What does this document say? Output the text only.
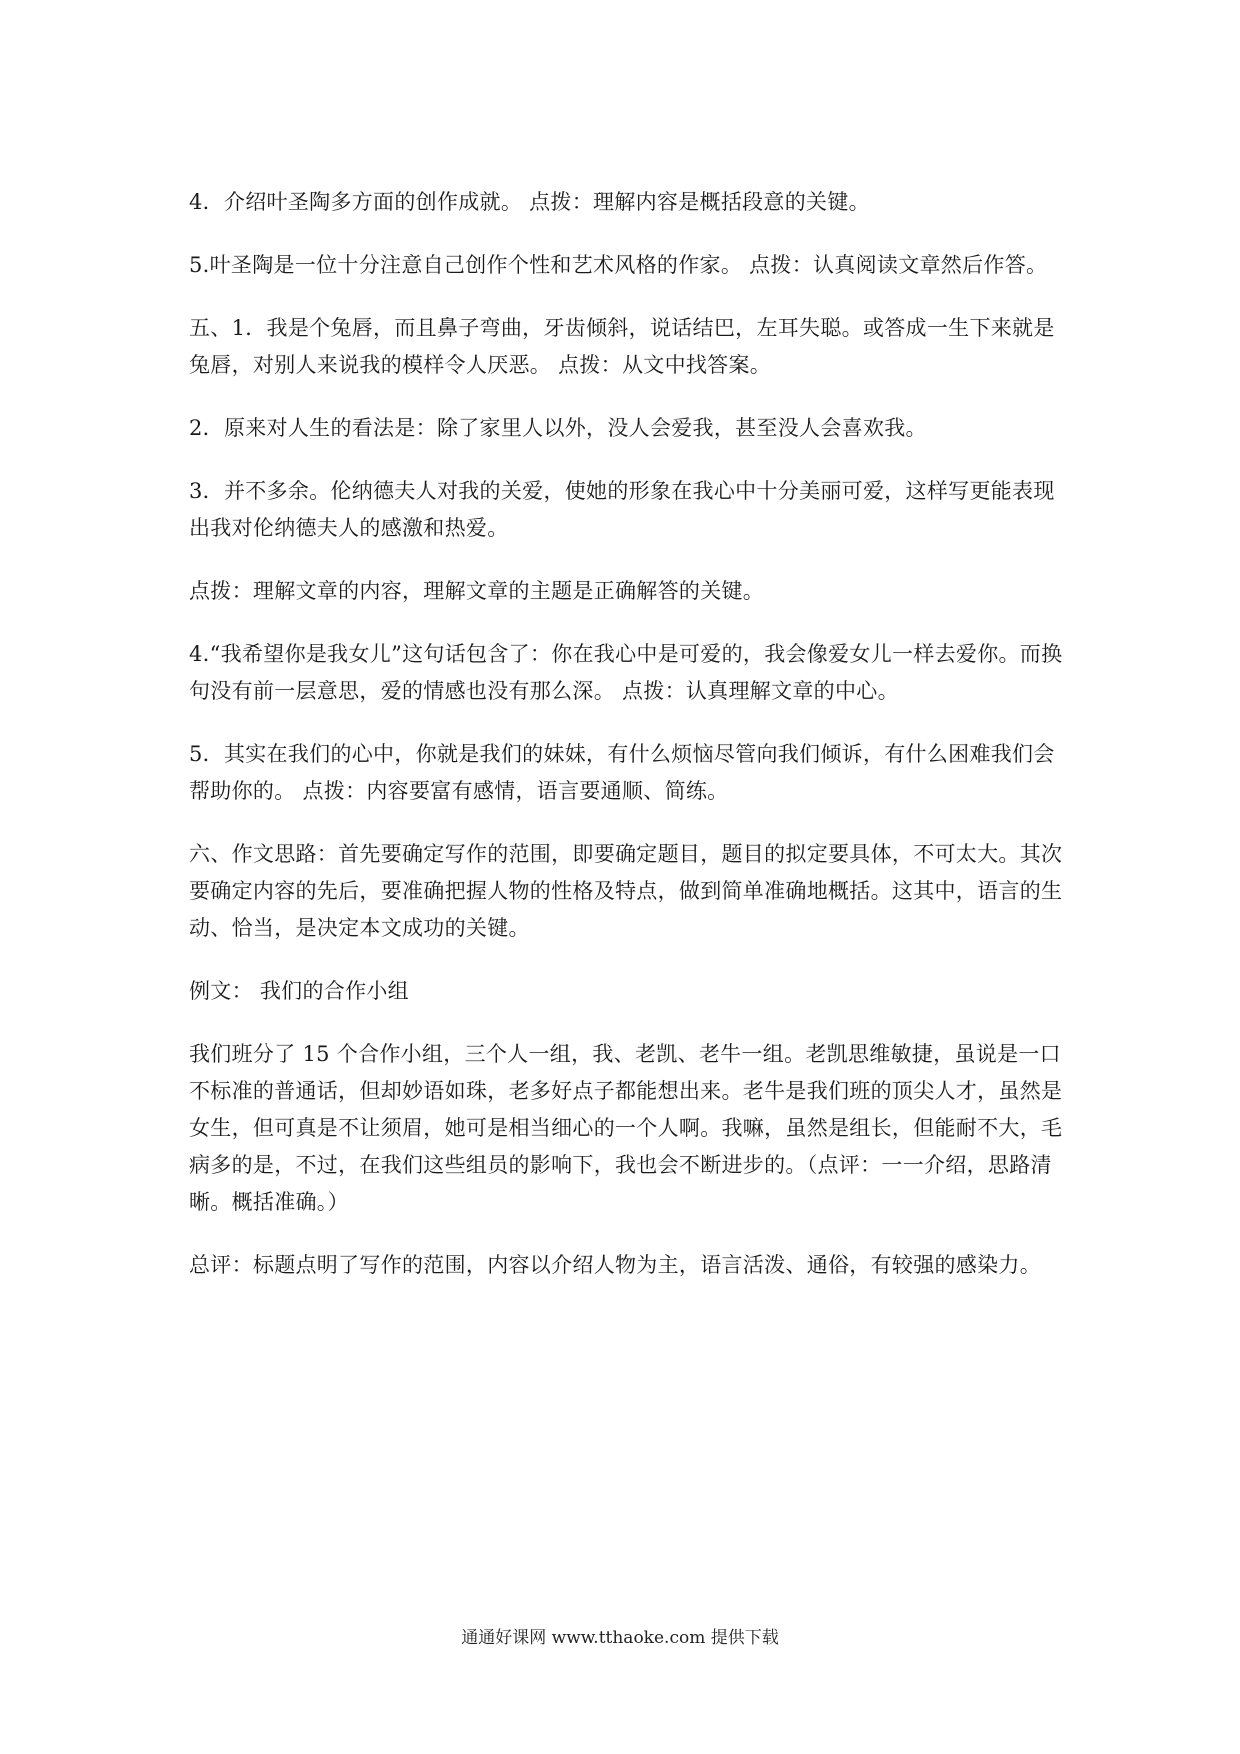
4．介绍叶圣陶多方面的创作成就。 点拨：理解内容是概括段意的关键。

5.叶圣陶是一位十分注意自己创作个性和艺术风格的作家。 点拨：认真阅读文章然后作答。

五、1．我是个兔唇，而且鼻子弯曲，牙齿倾斜，说话结巴，左耳失聪。或答成一生下来就是兔唇，对别人来说我的模样令人厌恶。 点拨：从文中找答案。

2．原来对人生的看法是：除了家里人以外，没人会爱我，甚至没人会喜欢我。

3．并不多余。伦纳德夫人对我的关爱，使她的形象在我心中十分美丽可爱，这样写更能表现出我对伦纳德夫人的感激和热爱。

点拨：理解文章的内容，理解文章的主题是正确解答的关键。

4.“我希望你是我女儿”这句话包含了：你在我心中是可爱的，我会像爱女儿一样去爱你。而换句没有前一层意思，爱的情感也没有那么深。 点拨：认真理解文章的中心。

5．其实在我们的心中，你就是我们的妹妹，有什么烦恼尽管向我们倾诉，有什么困难我们会帮助你的。 点拨：内容要富有感情，语言要通顺、简练。

六、作文思路：首先要确定写作的范围，即要确定题目，题目的拟定要具体，不可太大。其次要确定内容的先后，要准确把握人物的性格及特点，做到简单准确地概括。这其中，语言的生动、恰当，是决定本文成功的关键。

例文： 我们的合作小组

我们班分了 15 个合作小组，三个人一组，我、老凯、老牛一组。老凯思维敏捷，虽说是一口不标准的普通话，但却妙语如珠，老多好点子都能想出来。老牛是我们班的顶尖人才，虽然是女生，但可真是不让须眉，她可是相当细心的一个人啊。我嘛，虽然是组长，但能耐不大，毛病多的是，不过，在我们这些组员的影响下，我也会不断进步的。（点评：一一介绍，思路清晰。概括准确。）

总评：标题点明了写作的范围，内容以介绍人物为主，语言活泼、通俗，有较强的感染力。

通通好课网 www.tthaoke.com 提供下载
